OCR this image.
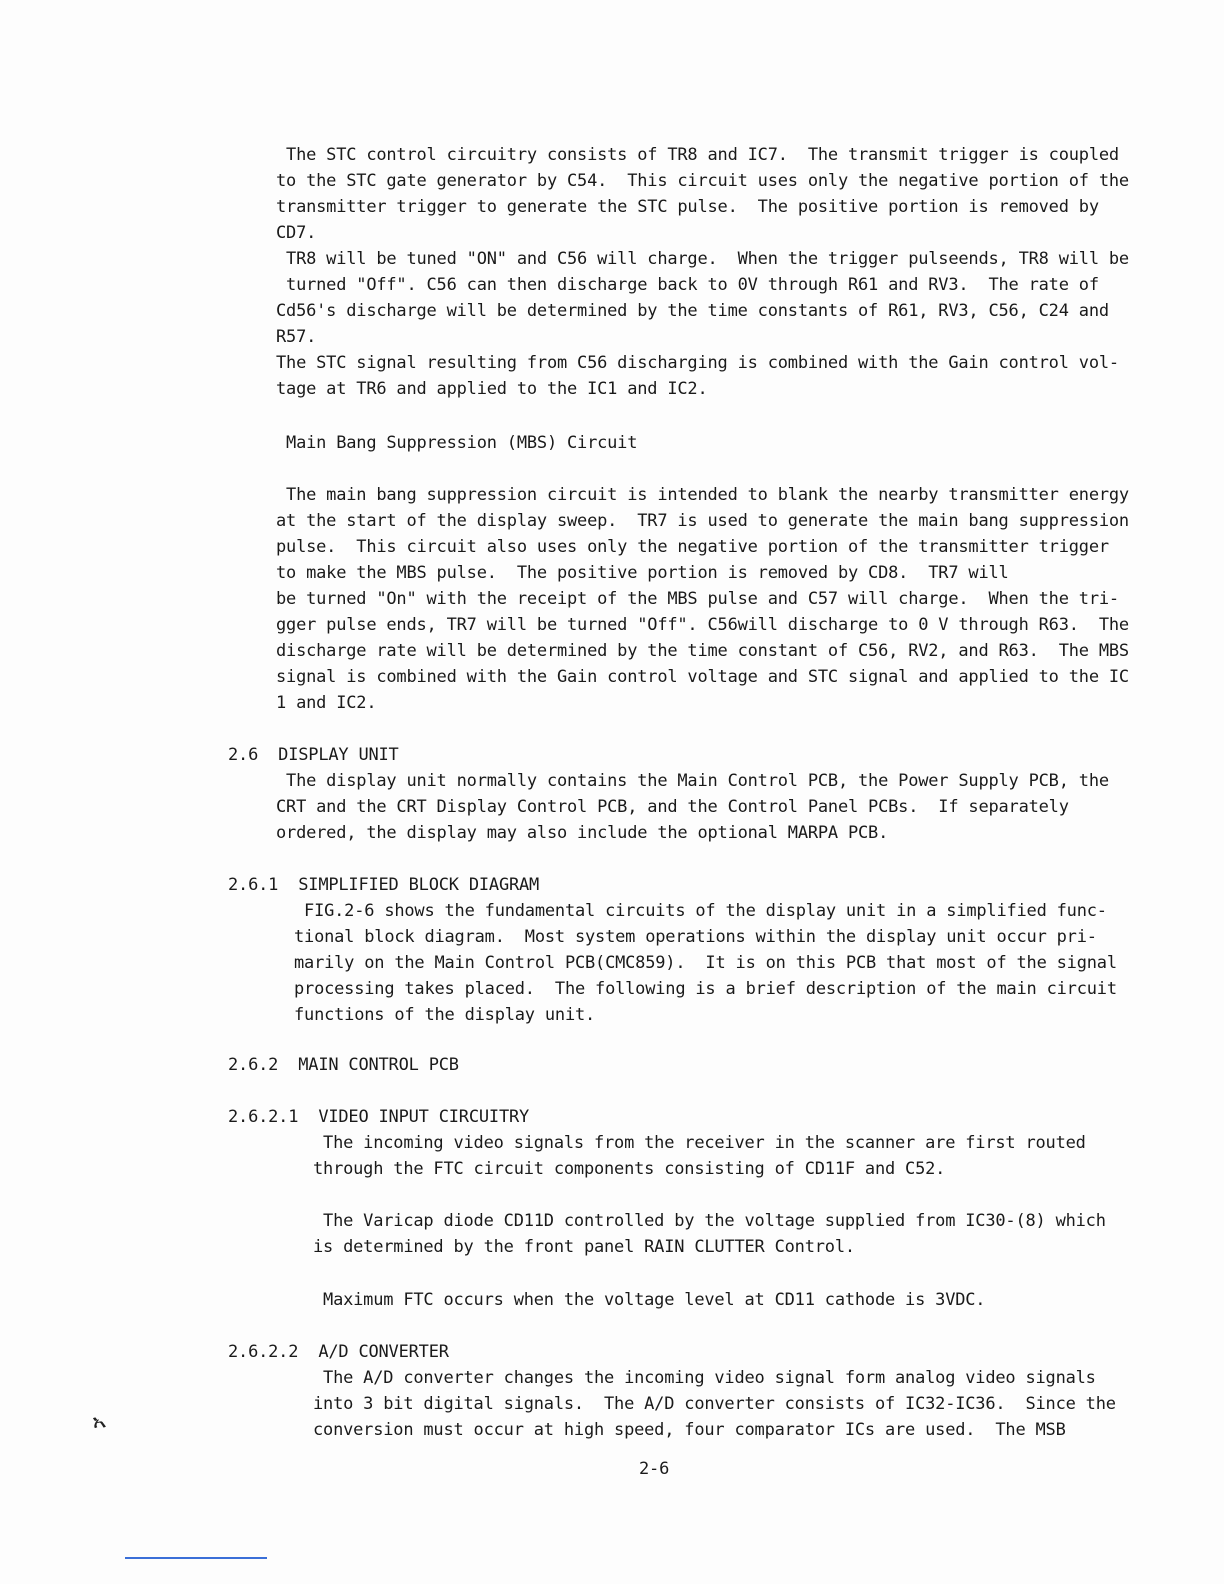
The STC control circuitry consists of TR8 and IC7.  The transmit trigger is coupled
to the STC gate generator by C54.  This circuit uses only the negative portion of the
transmitter trigger to generate the STC pulse.  The positive portion is removed by
CD7.
TR8 will be tuned "ON" and C56 will charge.  When the trigger pulseends, TR8 will be
turned "Off". C56 can then discharge back to 0V through R61 and RV3.  The rate of
Cd56's discharge will be determined by the time constants of R61, RV3, C56, C24 and
R57.
The STC signal resulting from C56 discharging is combined with the Gain control vol-
tage at TR6 and applied to the IC1 and IC2.
Main Bang Suppression (MBS) Circuit
The main bang suppression circuit is intended to blank the nearby transmitter energy
at the start of the display sweep.  TR7 is used to generate the main bang suppression
pulse.  This circuit also uses only the negative portion of the transmitter trigger
to make the MBS pulse.  The positive portion is removed by CD8.  TR7 will
be turned "On" with the receipt of the MBS pulse and C57 will charge.  When the tri-
gger pulse ends, TR7 will be turned "Off". C56will discharge to 0 V through R63.  The
discharge rate will be determined by the time constant of C56, RV2, and R63.  The MBS
signal is combined with the Gain control voltage and STC signal and applied to the IC
1 and IC2.
2.6  DISPLAY UNIT
The display unit normally contains the Main Control PCB, the Power Supply PCB, the
CRT and the CRT Display Control PCB, and the Control Panel PCBs.  If separately
ordered, the display may also include the optional MARPA PCB.
2.6.1  SIMPLIFIED BLOCK DIAGRAM
FIG.2-6 shows the fundamental circuits of the display unit in a simplified func-
tional block diagram.  Most system operations within the display unit occur pri-
marily on the Main Control PCB(CMC859).  It is on this PCB that most of the signal
processing takes placed.  The following is a brief description of the main circuit
functions of the display unit.
2.6.2  MAIN CONTROL PCB
2.6.2.1  VIDEO INPUT CIRCUITRY
The incoming video signals from the receiver in the scanner are first routed
through the FTC circuit components consisting of CD11F and C52.
The Varicap diode CD11D controlled by the voltage supplied from IC30-(8) which
is determined by the front panel RAIN CLUTTER Control.
Maximum FTC occurs when the voltage level at CD11 cathode is 3VDC.
2.6.2.2  A/D CONVERTER
The A/D converter changes the incoming video signal form analog video signals
into 3 bit digital signals.  The A/D converter consists of IC32-IC36.  Since the
conversion must occur at high speed, four comparator ICs are used.  The MSB
ኣ
2-6
